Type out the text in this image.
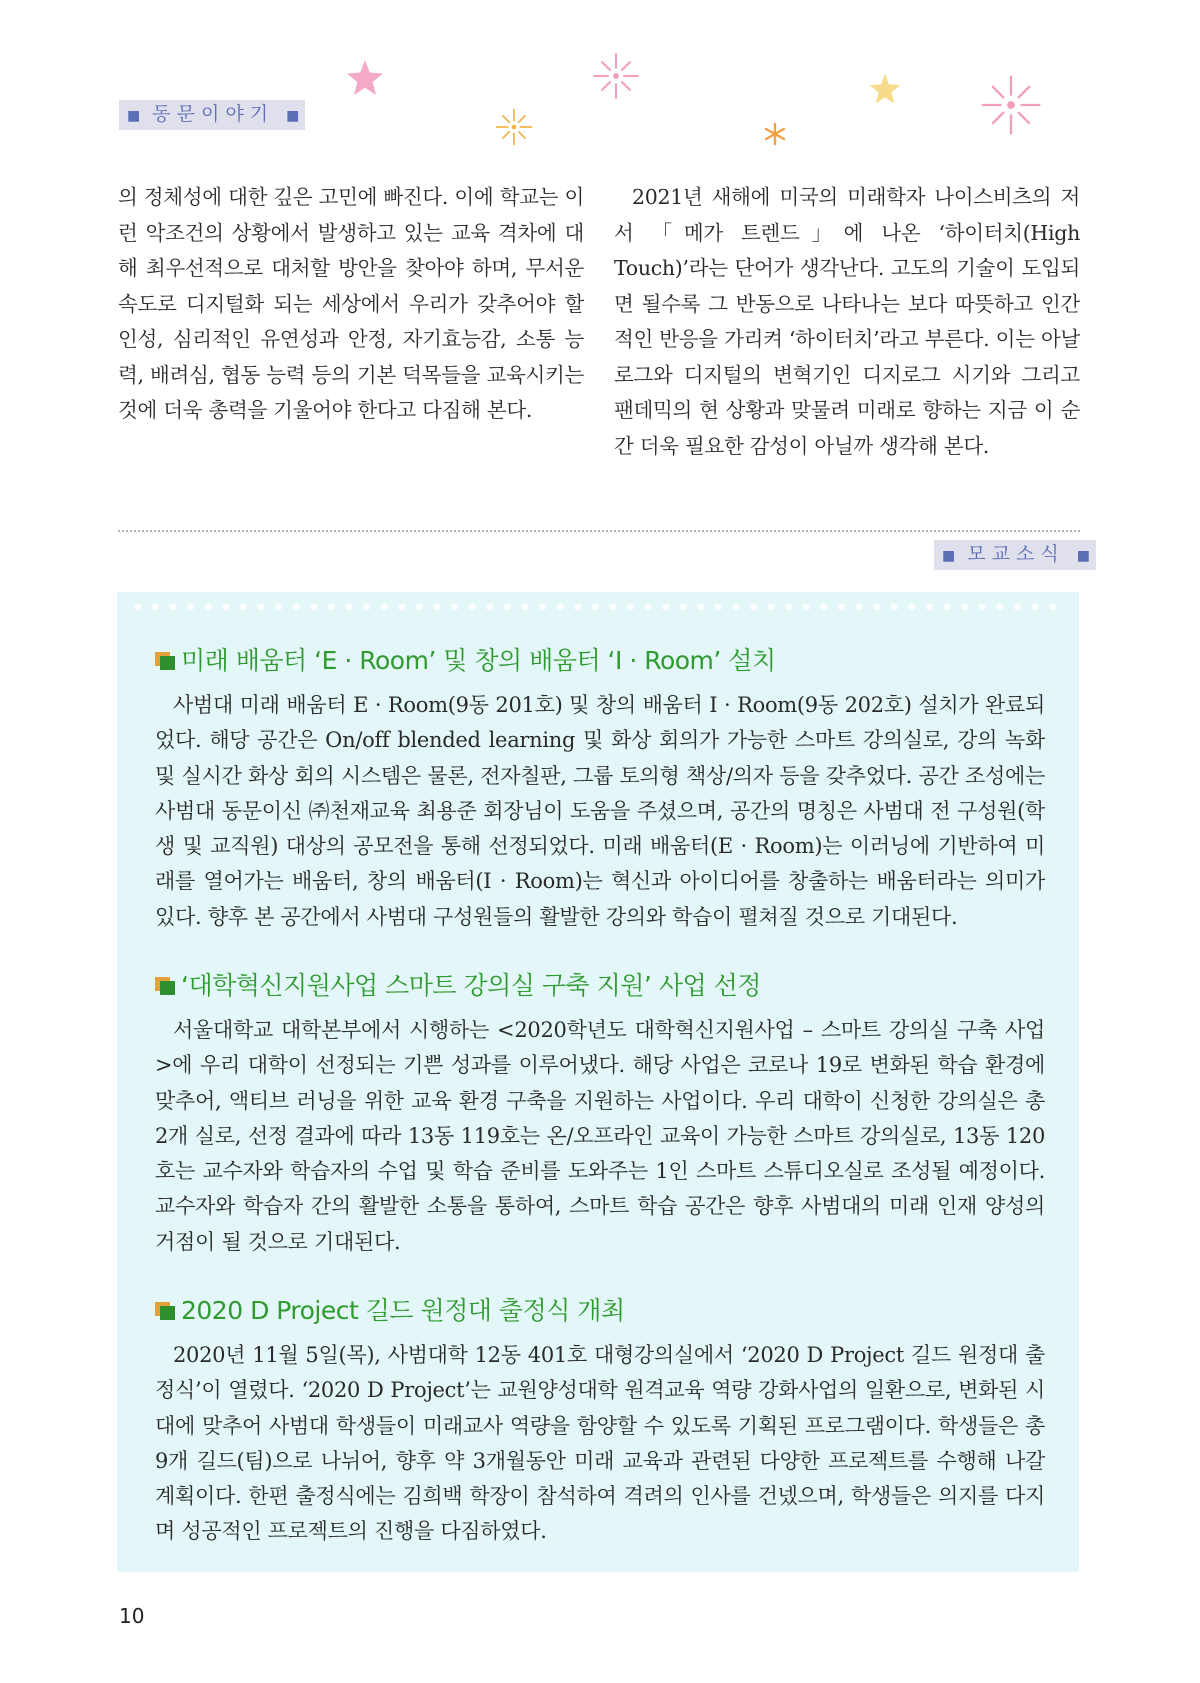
■ 동문이야기 ■

의 정체성에 대한 깊은 고민에 빠진다. 이에 학교는 이런 악조건의 상황에서 발생하고 있는 교육 격차에 대해 최우선적으로 대처할 방안을 찾아야 하며, 무서운 속도로 디지털화 되는 세상에서 우리가 갖추어야 할 인성, 심리적인 유연성과 안정, 자기효능감, 소통 능력, 배려심, 협동 능력 등의 기본 덕목들을 교육시키는 것에 더욱 총력을 기울어야 한다고 다짐해 본다.

2021년 새해에 미국의 미래학자 나이스비츠의 저서 「메가 트렌드」에 나온 ‘하이터치(High Touch)’라는 단어가 생각난다. 고도의 기술이 도입되면 될수록 그 반동으로 나타나는 보다 따뜻하고 인간적인 반응을 가리켜 ‘하이터치’라고 부른다. 이는 아날로그와 디지털의 변혁기인 디지로그 시기와 그리고 팬데믹의 현 상황과 맞물려 미래로 향하는 지금 이 순간 더욱 필요한 감성이 아닐까 생각해 본다.

■ 모교소식 ■
미래 배움터 ‘E · Room’ 및 창의 배움터 ‘I · Room’ 설치

사범대 미래 배움터 E · Room(9동 201호) 및 창의 배움터 I · Room(9동 202호) 설치가 완료되었다. 해당 공간은 On/off blended learning 및 화상 회의가 가능한 스마트 강의실로, 강의 녹화 및 실시간 화상 회의 시스템은 물론, 전자칠판, 그룹 토의형 책상/의자 등을 갖추었다. 공간 조성에는 사범대 동문이신 ㈜천재교육 최용준 회장님이 도움을 주셨으며, 공간의 명칭은 사범대 전 구성원(학생 및 교직원) 대상의 공모전을 통해 선정되었다. 미래 배움터(E · Room)는 이러닝에 기반하여 미래를 열어가는 배움터, 창의 배움터(I · Room)는 혁신과 아이디어를 창출하는 배움터라는 의미가 있다. 향후 본 공간에서 사범대 구성원들의 활발한 강의와 학습이 펼쳐질 것으로 기대된다.

‘대학혁신지원사업 스마트 강의실 구축 지원’ 사업 선정

서울대학교 대학본부에서 시행하는 <2020학년도 대학혁신지원사업 – 스마트 강의실 구축 사업>에 우리 대학이 선정되는 기쁜 성과를 이루어냈다. 해당 사업은 코로나 19로 변화된 학습 환경에 맞추어, 액티브 러닝을 위한 교육 환경 구축을 지원하는 사업이다. 우리 대학이 신청한 강의실은 총 2개 실로, 선정 결과에 따라 13동 119호는 온/오프라인 교육이 가능한 스마트 강의실로, 13동 120호는 교수자와 학습자의 수업 및 학습 준비를 도와주는 1인 스마트 스튜디오실로 조성될 예정이다. 교수자와 학습자 간의 활발한 소통을 통하여, 스마트 학습 공간은 향후 사범대의 미래 인재 양성의 거점이 될 것으로 기대된다.

2020 D Project 길드 원정대 출정식 개최

2020년 11월 5일(목), 사범대학 12동 401호 대형강의실에서 ‘2020 D Project 길드 원정대 출정식’이 열렸다. ‘2020 D Project’는 교원양성대학 원격교육 역량 강화사업의 일환으로, 변화된 시대에 맞추어 사범대 학생들이 미래교사 역량을 함양할 수 있도록 기획된 프로그램이다. 학생들은 총 9개 길드(팀)으로 나뉘어, 향후 약 3개월동안 미래 교육과 관련된 다양한 프로젝트를 수행해 나갈 계획이다. 한편 출정식에는 김희백 학장이 참석하여 격려의 인사를 건넸으며, 학생들은 의지를 다지며 성공적인 프로젝트의 진행을 다짐하였다.

10
